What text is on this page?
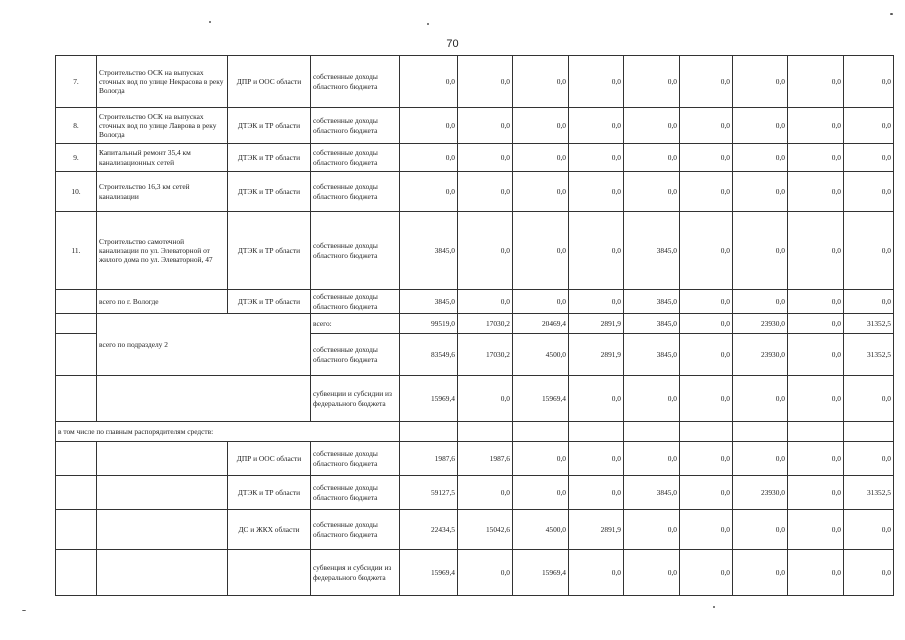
70
7.	Строительство ОСК на выпусках сточных вод по улице Некрасова в реку Вологда	ДПР и ООС области	собственные доходы областного бюджета	0,0	0,0	0,0	0,0	0,0	0,0	0,0	0,0	0,0
8.	Строительство ОСК на выпусках сточных вод по улице Лаврова в реку Вологда	ДТЭК и ТР области	собственные доходы областного бюджета	0,0	0,0	0,0	0,0	0,0	0,0	0,0	0,0	0,0
9.	Капитальный ремонт 35,4 км канализационных сетей	ДТЭК и ТР области	собственные доходы областного бюджета	0,0	0,0	0,0	0,0	0,0	0,0	0,0	0,0	0,0
10.	Строительство 16,3 км сетей канализации	ДТЭК и ТР области	собственные доходы областного бюджета	0,0	0,0	0,0	0,0	0,0	0,0	0,0	0,0	0,0
11.	Строительство самотечной канализации по ул. Элеваторной от жилого дома по ул. Элеваторной, 47	ДТЭК и ТР области	собственные доходы областного бюджета	3845,0	0,0	0,0	0,0	3845,0	0,0	0,0	0,0	0,0
	всего по г. Вологде	ДТЭК и ТР области	собственные доходы областного бюджета	3845,0	0,0	0,0	0,0	3845,0	0,0	0,0	0,0	0,0
	всего по подразделу 2		всего:	99519,0	17030,2	20469,4	2891,9	3845,0	0,0	23930,0	0,0	31352,5
			собственные доходы областного бюджета	83549,6	17030,2	4500,0	2891,9	3845,0	0,0	23930,0	0,0	31352,5
			субвенции и субсидии из федерального бюджета	15969,4	0,0	15969,4	0,0	0,0	0,0	0,0	0,0	0,0
в том числе по главным распорядителям средств:												
		ДПР и ООС области	собственные доходы областного бюджета	1987,6	1987,6	0,0	0,0	0,0	0,0	0,0	0,0	0,0
		ДТЭК и ТР области	собственные доходы областного бюджета	59127,5	0,0	0,0	0,0	3845,0	0,0	23930,0	0,0	31352,5
		ДС и ЖКХ области	собственные доходы областного бюджета	22434,5	15042,6	4500,0	2891,9	0,0	0,0	0,0	0,0	0,0
			субвенция и субсидии из федерального бюджета	15969,4	0,0	15969,4	0,0	0,0	0,0	0,0	0,0	0,0
